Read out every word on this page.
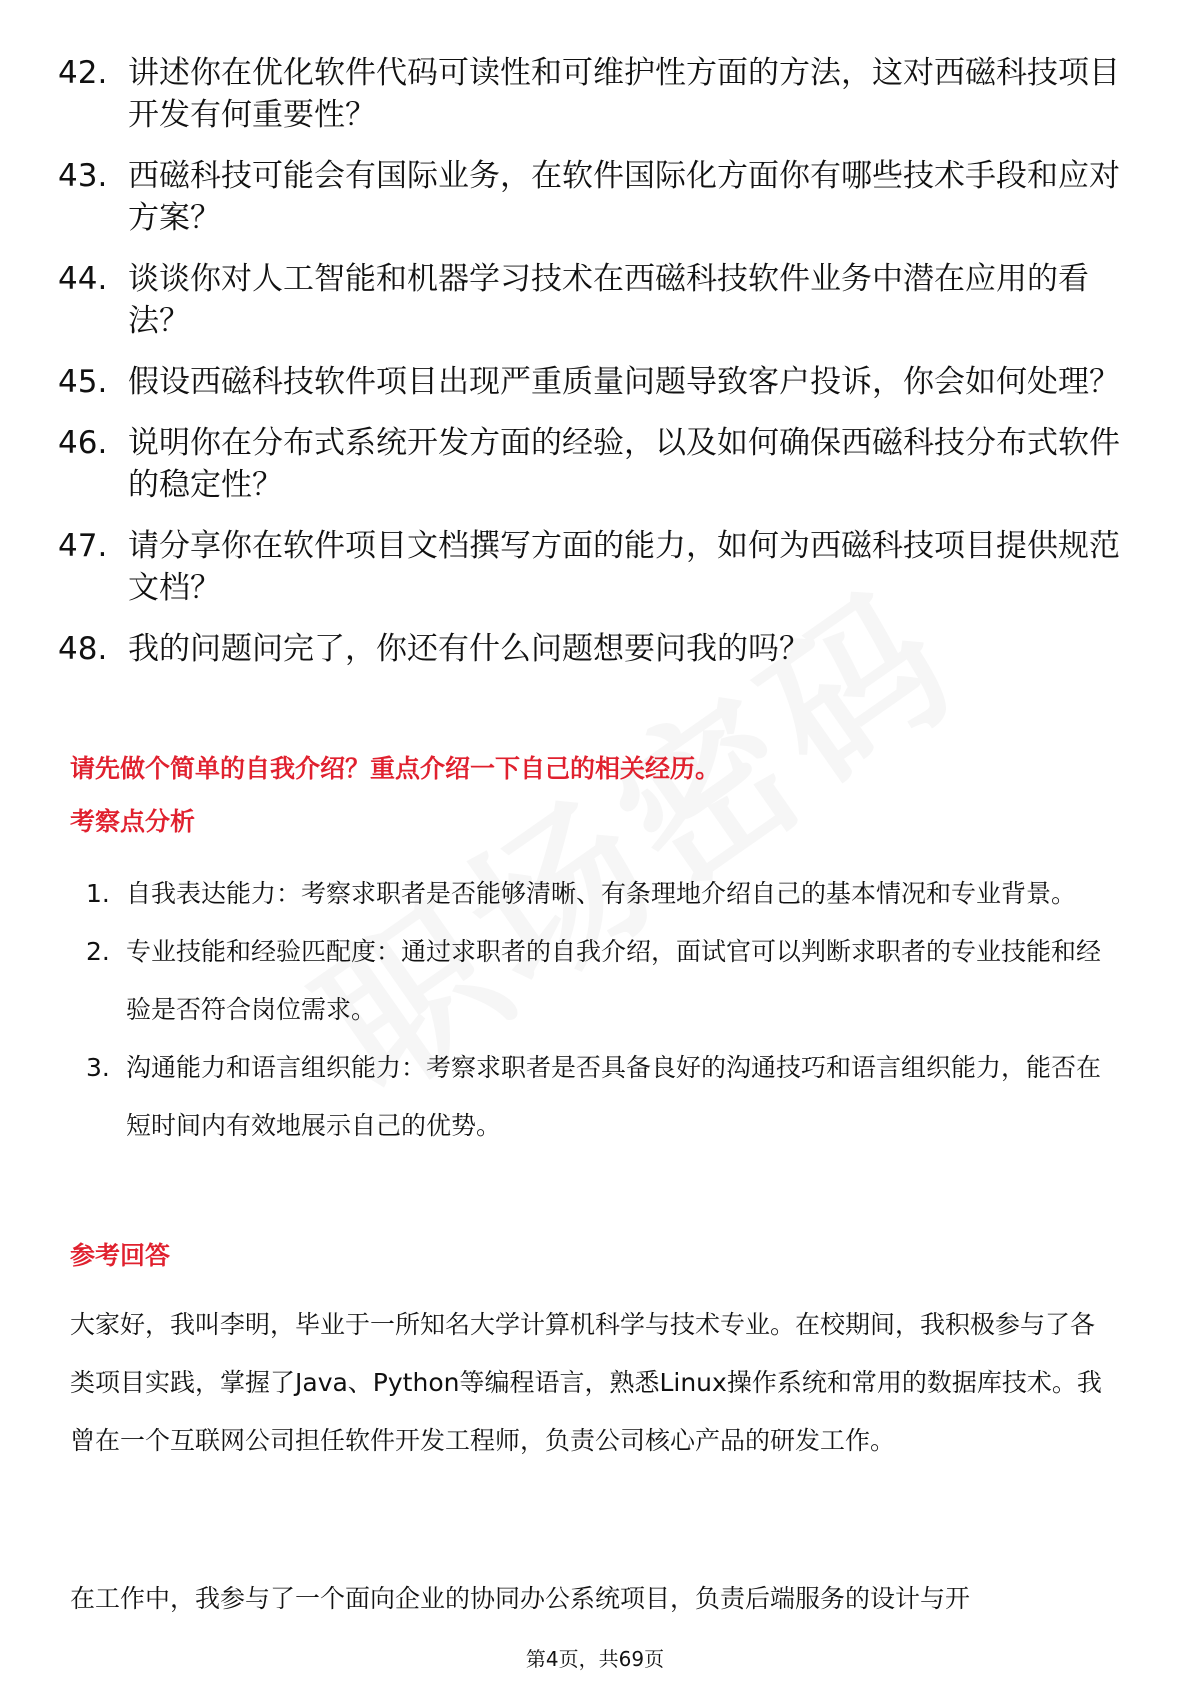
42. 讲述你在优化软件代码可读性和可维护性方面的方法，这对西磁科技项目开发有何重要性？
43. 西磁科技可能会有国际业务，在软件国际化方面你有哪些技术手段和应对方案？
44. 谈谈你对人工智能和机器学习技术在西磁科技软件业务中潜在应用的看法？
45. 假设西磁科技软件项目出现严重质量问题导致客户投诉，你会如何处理？
46. 说明你在分布式系统开发方面的经验，以及如何确保西磁科技分布式软件的稳定性？
47. 请分享你在软件项目文档撰写方面的能力，如何为西磁科技项目提供规范文档？
48. 我的问题问完了，你还有什么问题想要问我的吗？
请先做个简单的自我介绍？重点介绍一下自己的相关经历。
考察点分析
1. 自我表达能力：考察求职者是否能够清晰、有条理地介绍自己的基本情况和专业背景。
2. 专业技能和经验匹配度：通过求职者的自我介绍，面试官可以判断求职者的专业技能和经验是否符合岗位需求。
3. 沟通能力和语言组织能力：考察求职者是否具备良好的沟通技巧和语言组织能力，能否在短时间内有效地展示自己的优势。
参考回答

大家好，我叫李明，毕业于一所知名大学计算机科学与技术专业。在校期间，我积极参与了各类项目实践，掌握了Java、Python等编程语言，熟悉Linux操作系统和常用的数据库技术。我曾在一个互联网公司担任软件开发工程师，负责公司核心产品的研发工作。

在工作中，我参与了一个面向企业的协同办公系统项目，负责后端服务的设计与开

第4页，共69页
